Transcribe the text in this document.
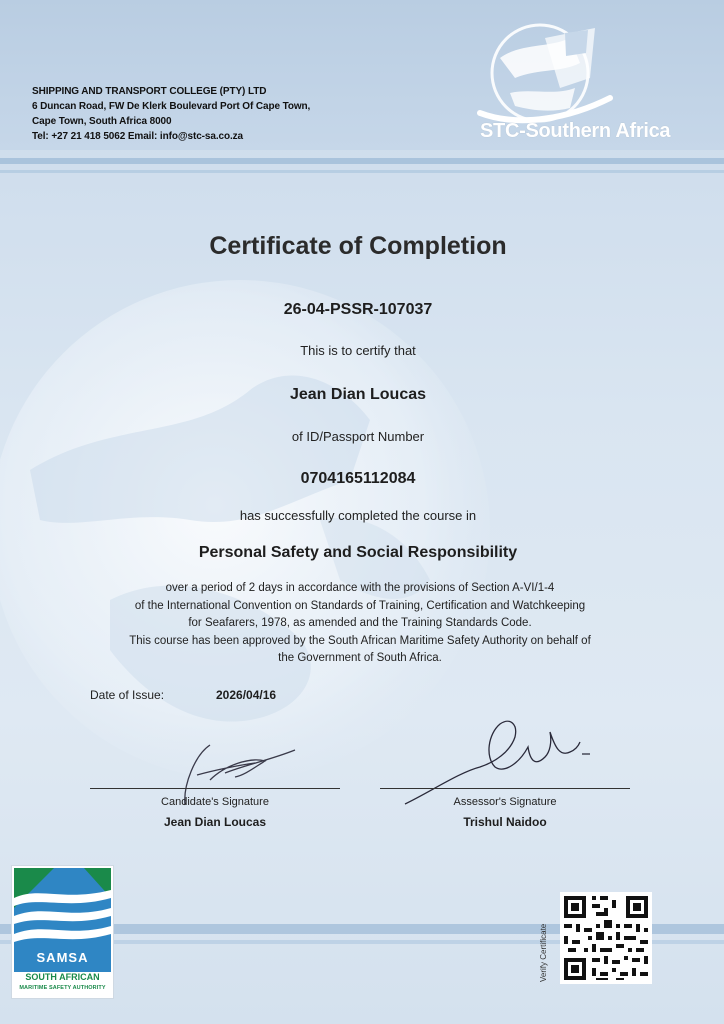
SHIPPING AND TRANSPORT COLLEGE (PTY) LTD
6 Duncan Road, FW De Klerk Boulevard Port Of Cape Town,
Cape Town, South Africa 8000
Tel: +27 21 418 5062 Email: info@stc-sa.co.za	STC-Southern Africa
Certificate of Completion
26-04-PSSR-107037
This is to certify that
Jean Dian Loucas
of ID/Passport Number
0704165112084
has successfully completed the course in
Personal Safety and Social Responsibility
over a period of 2 days in accordance with the provisions of Section A-VI/1-4
of the International Convention on Standards of Training, Certification and Watchkeeping
for Seafarers, 1978, as amended and the Training Standards Code.
This course has been approved by the South African Maritime Safety Authority on behalf of
the Government of South Africa.
Date of Issue:	2026/04/16
Candidate's Signature	Assessor's Signature
Jean Dian Loucas	Trishul Naidoo
SAMSA
SOUTH AFRICAN
MARITIME SAFETY AUTHORITY
Verify Certificate
